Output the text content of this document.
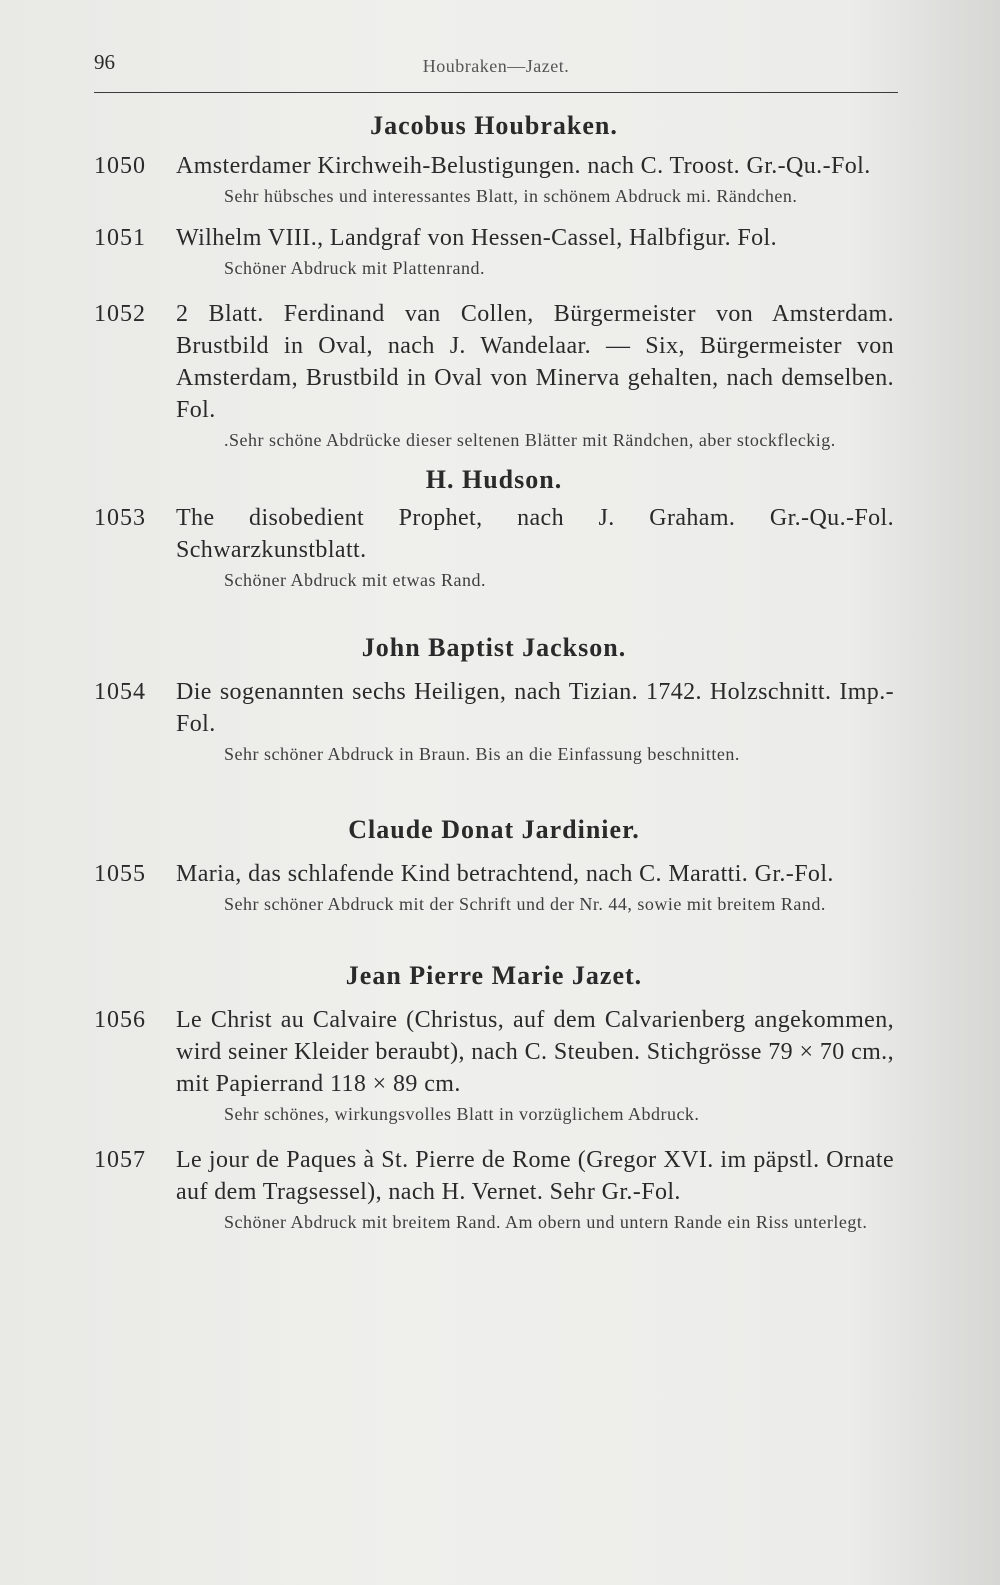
96	Houbraken—Jazet.
Jacobus Houbraken.
1050 Amsterdamer Kirchweih-Belustigungen. nach C. Troost. Gr.-Qu.-Fol.
Sehr hübsches und interessantes Blatt, in schönem Abdruck mi. Rändchen.
1051 Wilhelm VIII., Landgraf von Hessen-Cassel, Halbfigur. Fol.
Schöner Abdruck mit Plattenrand.
1052 2 Blatt. Ferdinand van Collen, Bürgermeister von Amsterdam. Brustbild in Oval, nach J. Wandelaar. — Six, Bürgermeister von Amsterdam, Brustbild in Oval von Minerva gehalten, nach demselben. Fol.
.Sehr schöne Abdrücke dieser seltenen Blätter mit Rändchen, aber stockfleckig.
H. Hudson.
1053 The disobedient Prophet, nach J. Graham. Gr.-Qu.-Fol. Schwarzkunstblatt.
Schöner Abdruck mit etwas Rand.
John Baptist Jackson.
1054 Die sogenannten sechs Heiligen, nach Tizian. 1742. Holzschnitt. Imp.-Fol.
Sehr schöner Abdruck in Braun. Bis an die Einfassung beschnitten.
Claude Donat Jardinier.
1055 Maria, das schlafende Kind betrachtend, nach C. Maratti. Gr.-Fol.
Sehr schöner Abdruck mit der Schrift und der Nr. 44, sowie mit breitem Rand.
Jean Pierre Marie Jazet.
1056 Le Christ au Calvaire (Christus, auf dem Calvarienberg angekommen, wird seiner Kleider beraubt), nach C. Steuben. Stichgrösse 79 × 70 cm., mit Papierrand 118 × 89 cm.
Sehr schönes, wirkungsvolles Blatt in vorzüglichem Abdruck.
1057 Le jour de Paques à St. Pierre de Rome (Gregor XVI. im päpstl. Ornate auf dem Tragsessel), nach H. Vernet. Sehr Gr.-Fol.
Schöner Abdruck mit breitem Rand. Am obern und untern Rande ein Riss unterlegt.
